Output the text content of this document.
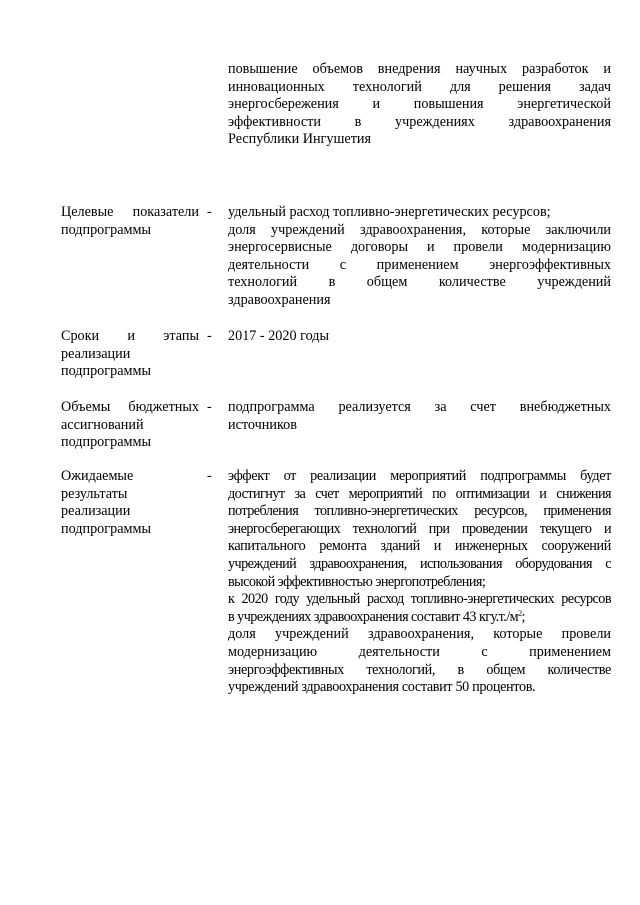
повышение объемов внедрения научных разработок и
инновационных технологий для решения задач
энергосбережения и повышения энергетической
эффективности в учреждениях здравоохранения
Республики Ингушетия
Целевые показатели
подпрограммы
- удельный расход топливно-энергетических ресурсов;
доля учреждений здравоохранения, которые заключили
энергосервисные договоры и провели модернизацию
деятельности с применением энергоэффективных
технологий в общем количестве учреждений
здравоохранения
Сроки и этапы
реализации
подпрограммы
- 2017 - 2020 годы
Объемы бюджетных
ассигнований
подпрограммы
- подпрограмма реализуется за счет внебюджетных
источников
Ожидаемые
результаты
реализации
подпрограммы
- эффект от реализации мероприятий подпрограммы будет
достигнут за счет мероприятий по оптимизации и снижения
потребления топливно-энергетических ресурсов, применения
энергосберегающих технологий при проведении текущего и
капитального ремонта зданий и инженерных сооружений
учреждений здравоохранения, использования оборудования с
высокой эффективностью энергопотребления;
к 2020 году удельный расход топливно-энергетических ресурсов
в учреждениях здравоохранения составит 43 $кгу.т./м^2$;
доля учреждений здравоохранения, которые провели
модернизацию деятельности с применением
энергоэффективных технологий, в общем количестве
учреждений здравоохранения составит 50 процентов.
